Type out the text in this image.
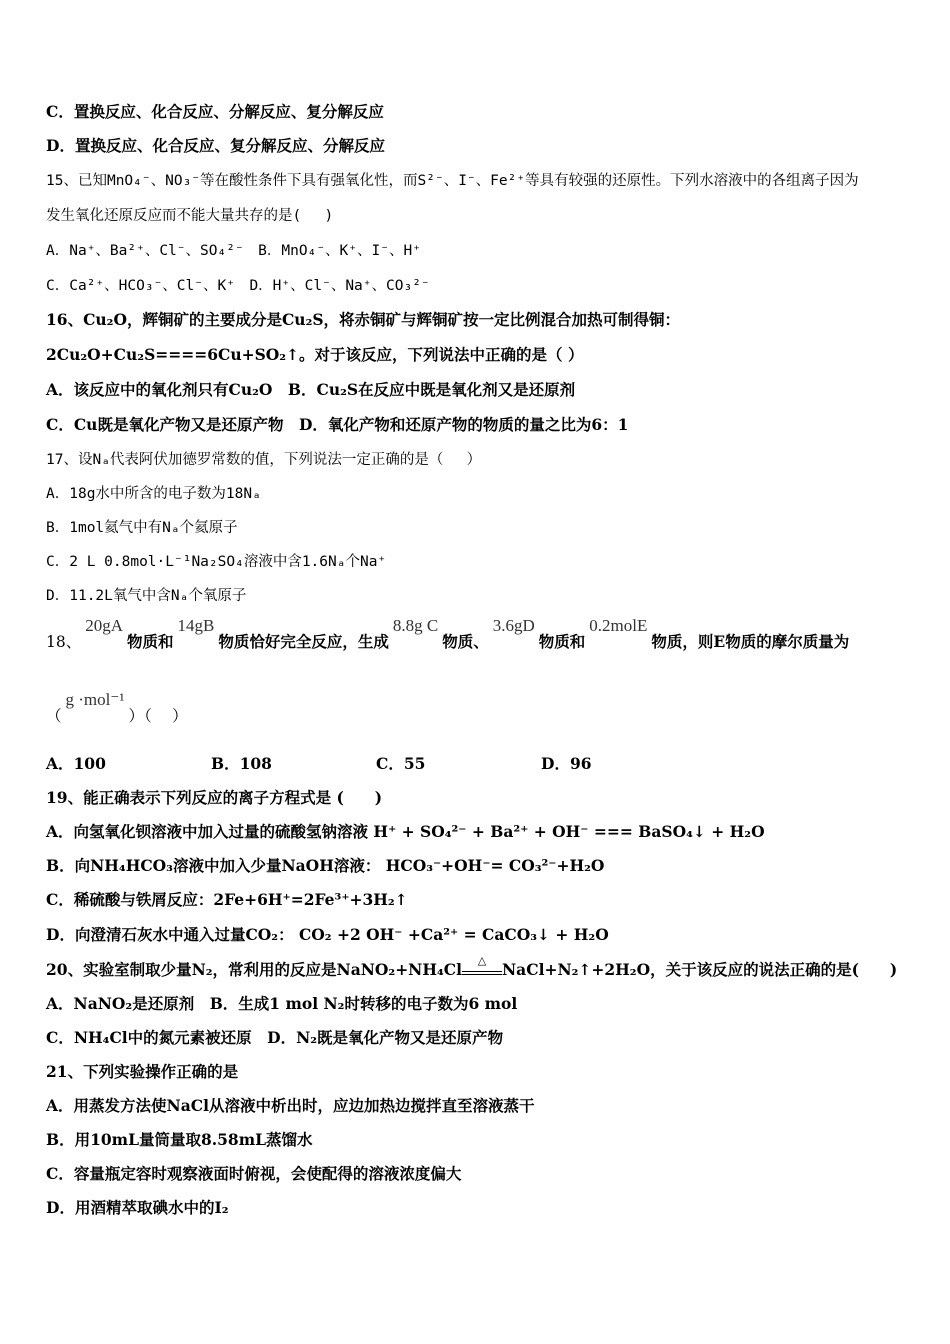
C．置换反应、化合反应、分解反应、复分解反应
D．置换反应、化合反应、复分解反应、分解反应
15、已知MnO₄⁻、NO₃⁻等在酸性条件下具有强氧化性，而S²⁻、I⁻、Fe²⁺等具有较强的还原性。下列水溶液中的各组离子因为
发生氧化还原反应而不能大量共存的是(　 )
A．Na⁺、Ba²⁺、Cl⁻、SO₄²⁻　B．MnO₄⁻、K⁺、I⁻、H⁺
C．Ca²⁺、HCO₃⁻、Cl⁻、K⁺　D．H⁺、Cl⁻、Na⁺、CO₃²⁻
16、Cu₂O，辉铜矿的主要成分是Cu₂S，将赤铜矿与辉铜矿按一定比例混合加热可制得铜：
2Cu₂O+Cu₂S====6Cu+SO₂↑。对于该反应，下列说法中正确的是（ ）
A．该反应中的氧化剂只有Cu₂O　B．Cu₂S在反应中既是氧化剂又是还原剂
C．Cu既是氧化产物又是还原产物　D．氧化产物和还原产物的物质的量之比为6：1
17、设Nₐ代表阿伏加德罗常数的值，下列说法一定正确的是（　 ）
A．18g水中所含的电子数为18Nₐ
B．1mol氦气中有Nₐ个氦原子
C．2 L 0.8mol·L⁻¹Na₂SO₄溶液中含1.6Nₐ个Na⁺
D．11.2L氧气中含Nₐ个氧原子
18、20gA物质和14gB物质恰好完全反应，生成8.8g C物质、3.6gD物质和0.2molE物质，则E物质的摩尔质量为
（g ·mol⁻¹）（　 ）
A．100	B．108	C．55	D．96
19、能正确表示下列反应的离子方程式是 (　　)
A．向氢氧化钡溶液中加入过量的硫酸氢钠溶液 H⁺ + SO₄²⁻ + Ba²⁺ + OH⁻ === BaSO₄↓ + H₂O
B．向NH₄HCO₃溶液中加入少量NaOH溶液： HCO₃⁻+OH⁻= CO₃²⁻+H₂O
C．稀硫酸与铁屑反应：2Fe+6H⁺=2Fe³⁺+3H₂↑
D．向澄清石灰水中通入过量CO₂： CO₂ +2 OH⁻ +Ca²⁺ = CaCO₃↓ + H₂O
20、实验室制取少量N₂，常利用的反应是NaNO₂+NH₄Cl	△	NaCl+N₂↑+2H₂O，关于该反应的说法正确的是(　　)
A．NaNO₂是还原剂　B．生成1 mol N₂时转移的电子数为6 mol
C．NH₄Cl中的氮元素被还原　D．N₂既是氧化产物又是还原产物
21、下列实验操作正确的是
A．用蒸发方法使NaCl从溶液中析出时，应边加热边搅拌直至溶液蒸干
B．用10mL量筒量取8.58mL蒸馏水
C．容量瓶定容时观察液面时俯视，会使配得的溶液浓度偏大
D．用酒精萃取碘水中的I₂
